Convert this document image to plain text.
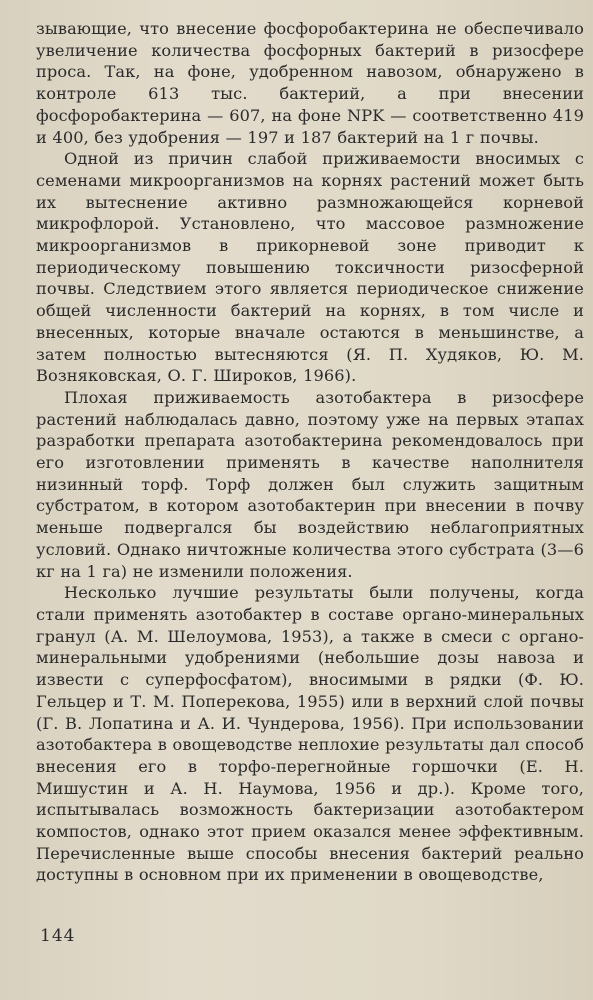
зывающие, что внесение фосфоробактерина не обеспечивало увеличение количества фосфорных бактерий в ризосфере проса. Так, на фоне, удобренном навозом, обнаружено в контроле 613 тыс. бактерий, а при внесении фосфоробактерина — 607, на фоне NPK — соответственно 419 и 400, без удобрения — 197 и 187 бактерий на 1 г почвы.

Одной из причин слабой приживаемости вносимых с семенами микроорганизмов на корнях растений может быть их вытеснение активно размножающейся корневой микрофлорой. Установлено, что массовое размножение микроорганизмов в прикорневой зоне приводит к периодическому повышению токсичности ризосферной почвы. Следствием этого является периодическое снижение общей численности бактерий на корнях, в том числе и внесенных, которые вначале остаются в меньшинстве, а затем полностью вытесняются (Я. П. Худяков, Ю. М. Возняковская, О. Г. Широков, 1966).

Плохая приживаемость азотобактера в ризосфере растений наблюдалась давно, поэтому уже на первых этапах разработки препарата азотобактерина рекомендовалось при его изготовлении применять в качестве наполнителя низинный торф. Торф должен был служить защитным субстратом, в котором азотобактерин при внесении в почву меньше подвергался бы воздействию неблагоприятных условий. Однако ничтожные количества этого субстрата (3—6 кг на 1 га) не изменили положения.

Несколько лучшие результаты были получены, когда стали применять азотобактер в составе органо-минеральных гранул (А. М. Шелоумова, 1953), а также в смеси с органо-минеральными удобрениями (небольшие дозы навоза и извести с суперфосфатом), вносимыми в рядки (Ф. Ю. Гельцер и Т. М. Поперекова, 1955) или в верхний слой почвы (Г. В. Лопатина и А. И. Чундерова, 1956). При использовании азотобактера в овощеводстве неплохие результаты дал способ внесения его в торфо-перегнойные горшочки (Е. Н. Мишустин и А. Н. Наумова, 1956 и др.). Кроме того, испытывалась возможность бактеризации азотобактером компостов, однако этот прием оказался менее эффективным. Перечисленные выше способы внесения бактерий реально доступны в основном при их применении в овощеводстве,

144
